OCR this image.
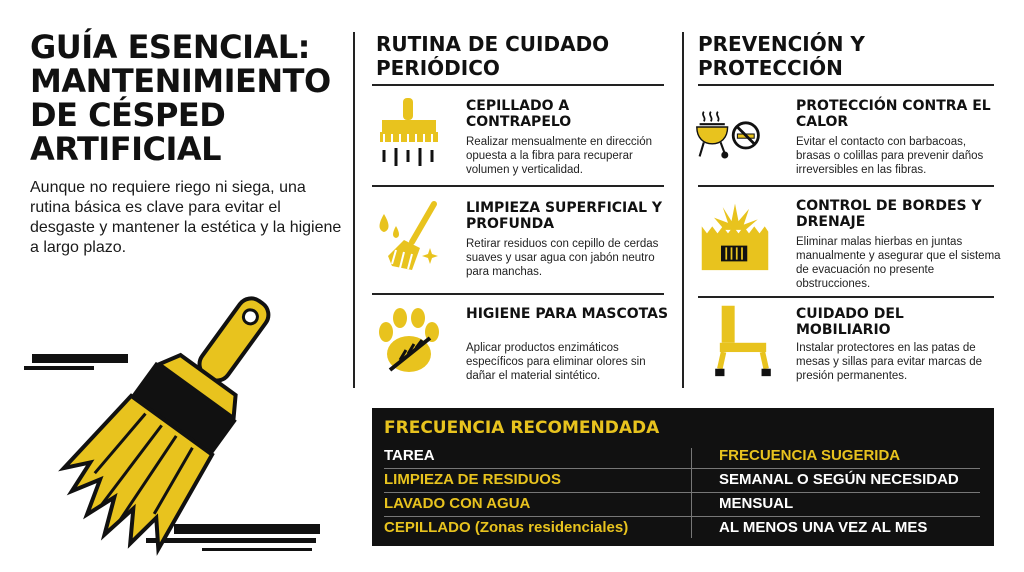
GUÍA ESENCIAL:
MANTENIMIENTO
DE CÉSPED
ARTIFICIAL

Aunque no requiere riego ni siega, una rutina básica es clave para evitar el desgaste y mantener la estética y la higiene a largo plazo.

RUTINA DE CUIDADO
PERIÓDICO
CEPILLADO A CONTRAPELO

Realizar mensualmente en dirección opuesta a la fibra para recuperar volumen y verticalidad.

LIMPIEZA SUPERFICIAL Y PROFUNDA

Retirar residuos con cepillo de cerdas suaves y usar agua con jabón neutro para manchas.

HIGIENE PARA MASCOTAS

Aplicar productos enzimáticos específicos para eliminar olores sin dañar el material sintético.

PREVENCIÓN Y
PROTECCIÓN
PROTECCIÓN CONTRA EL CALOR

Evitar el contacto con barbacoas, brasas o colillas para prevenir daños irreversibles en las fibras.

CONTROL DE BORDES Y DRENAJE

Eliminar malas hierbas en juntas manualmente y asegurar que el sistema de evacuación no presente obstrucciones.

CUIDADO DEL MOBILIARIO

Instalar protectores en las patas de mesas y sillas para evitar marcas de presión permanentes.

FRECUENCIA RECOMENDADA
TAREA	FRECUENCIA SUGERIDA
LIMPIEZA DE RESIDUOS	SEMANAL O SEGÚN NECESIDAD
LAVADO CON AGUA	MENSUAL
CEPILLADO (Zonas residenciales)	AL MENOS UNA VEZ AL MES
